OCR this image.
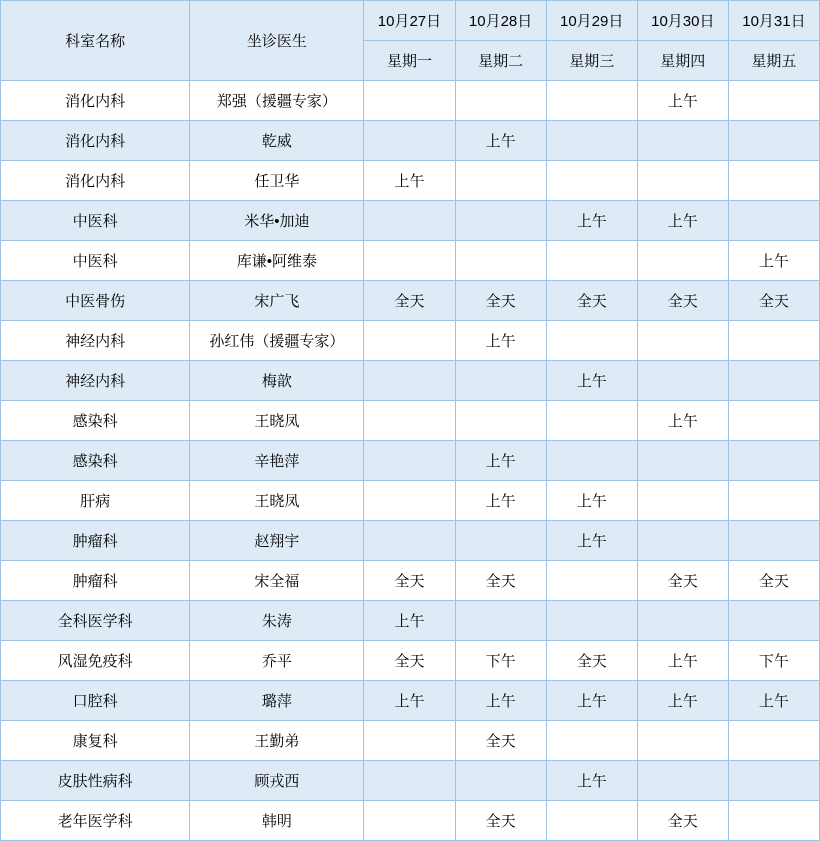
科室名称	坐诊医生	10月27日	10月28日	10月29日	10月30日	10月31日
		星期一	星期二	星期三	星期四	星期五
消化内科	郑强（援疆专家）				上午	
消化内科	乾威		上午			
消化内科	任卫华	上午				
中医科	米华•加迪			上午	上午	
中医科	库谦•阿维泰					上午
中医骨伤	宋广飞	全天	全天	全天	全天	全天
神经内科	孙红伟（援疆专家）		上午			
神经内科	梅歆			上午		
感染科	王晓凤				上午	
感染科	辛艳萍		上午			
肝病	王晓凤		上午	上午		
肿瘤科	赵翔宇			上午		
肿瘤科	宋全福	全天	全天		全天	全天
全科医学科	朱涛	上午				
风湿免疫科	乔平	全天	下午	全天	上午	下午
口腔科	璐萍	上午	上午	上午	上午	上午
康复科	王勤弟		全天			
皮肤性病科	顾戎西			上午		
老年医学科	韩明		全天		全天	
